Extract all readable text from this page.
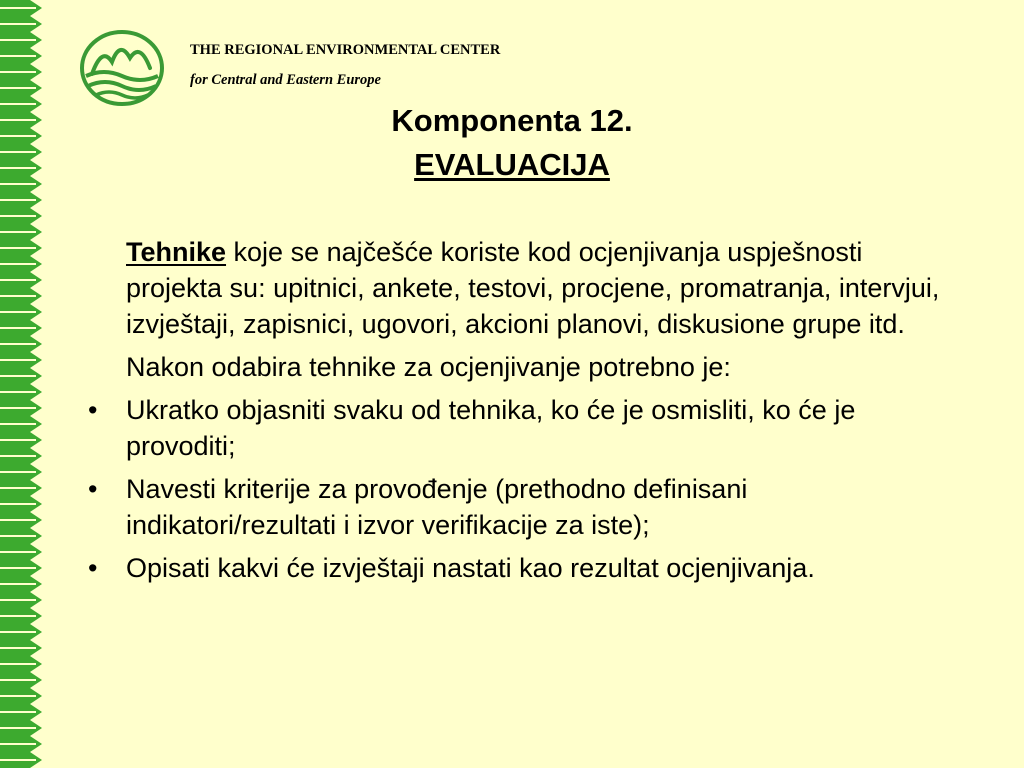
THE REGIONAL ENVIRONMENTAL CENTER
for Central and Eastern Europe
Komponenta 12.
EVALUACIJA

Tehnike koje se najčešće koriste kod ocjenjivanja uspješnosti projekta su: upitnici, ankete, testovi, procjene, promatranja, intervjui, izvještaji, zapisnici, ugovori, akcioni planovi, diskusione grupe itd.

Nakon odabira tehnike za ocjenjivanje potrebno je:

• Ukratko objasniti svaku od tehnika, ko će je osmisliti, ko će je provoditi;
• Navesti kriterije za provođenje (prethodno definisani indikatori/rezultati i izvor verifikacije za iste);
• Opisati kakvi će izvještaji nastati kao rezultat ocjenjivanja.
